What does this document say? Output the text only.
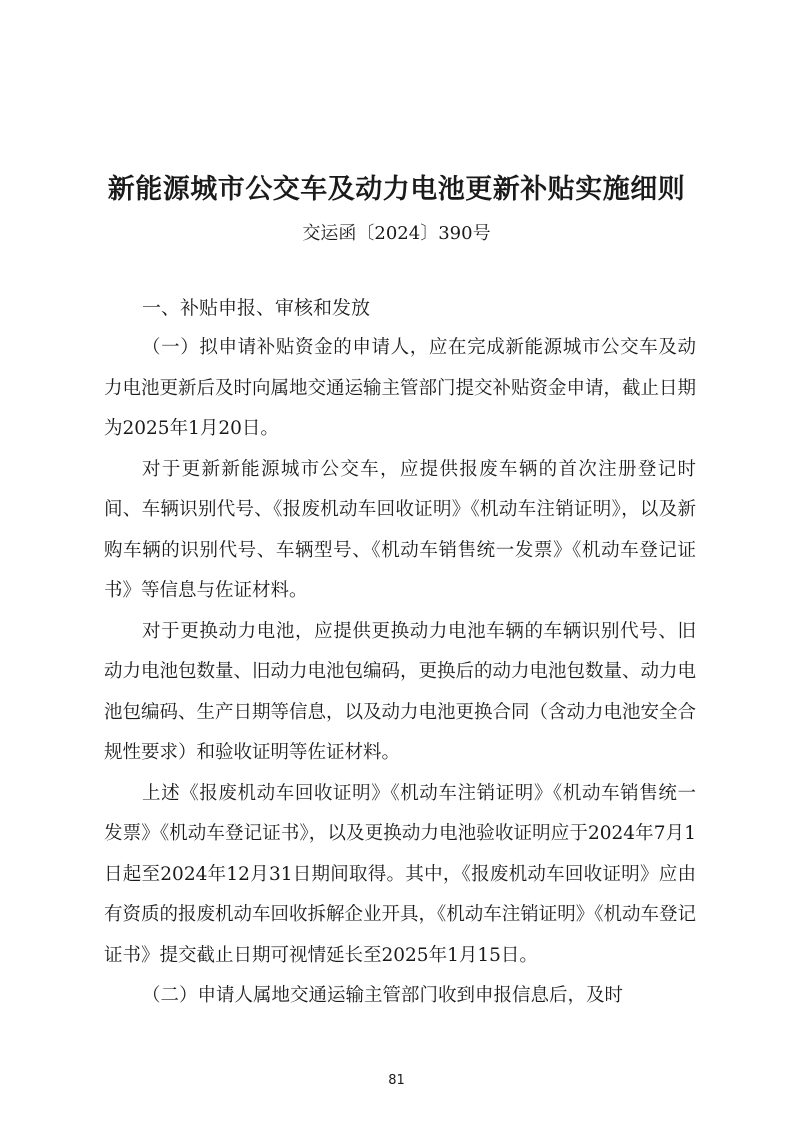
新能源城市公交车及动力电池更新补贴实施细则
交运函〔2024〕390号
一、补贴申报、审核和发放

（一）拟申请补贴资金的申请人，应在完成新能源城市公交车及动力电池更新后及时向属地交通运输主管部门提交补贴资金申请，截止日期为2025年1月20日。

对于更新新能源城市公交车，应提供报废车辆的首次注册登记时间、车辆识别代号、《报废机动车回收证明》《机动车注销证明》，以及新购车辆的识别代号、车辆型号、《机动车销售统一发票》《机动车登记证书》等信息与佐证材料。

对于更换动力电池，应提供更换动力电池车辆的车辆识别代号、旧动力电池包数量、旧动力电池包编码，更换后的动力电池包数量、动力电池包编码、生产日期等信息，以及动力电池更换合同（含动力电池安全合规性要求）和验收证明等佐证材料。

上述《报废机动车回收证明》《机动车注销证明》《机动车销售统一发票》《机动车登记证书》，以及更换动力电池验收证明应于2024年7月1日起至2024年12月31日期间取得。其中，《报废机动车回收证明》应由有资质的报废机动车回收拆解企业开具，《机动车注销证明》《机动车登记证书》提交截止日期可视情延长至2025年1月15日。

（二）申请人属地交通运输主管部门收到申报信息后，及时

81
